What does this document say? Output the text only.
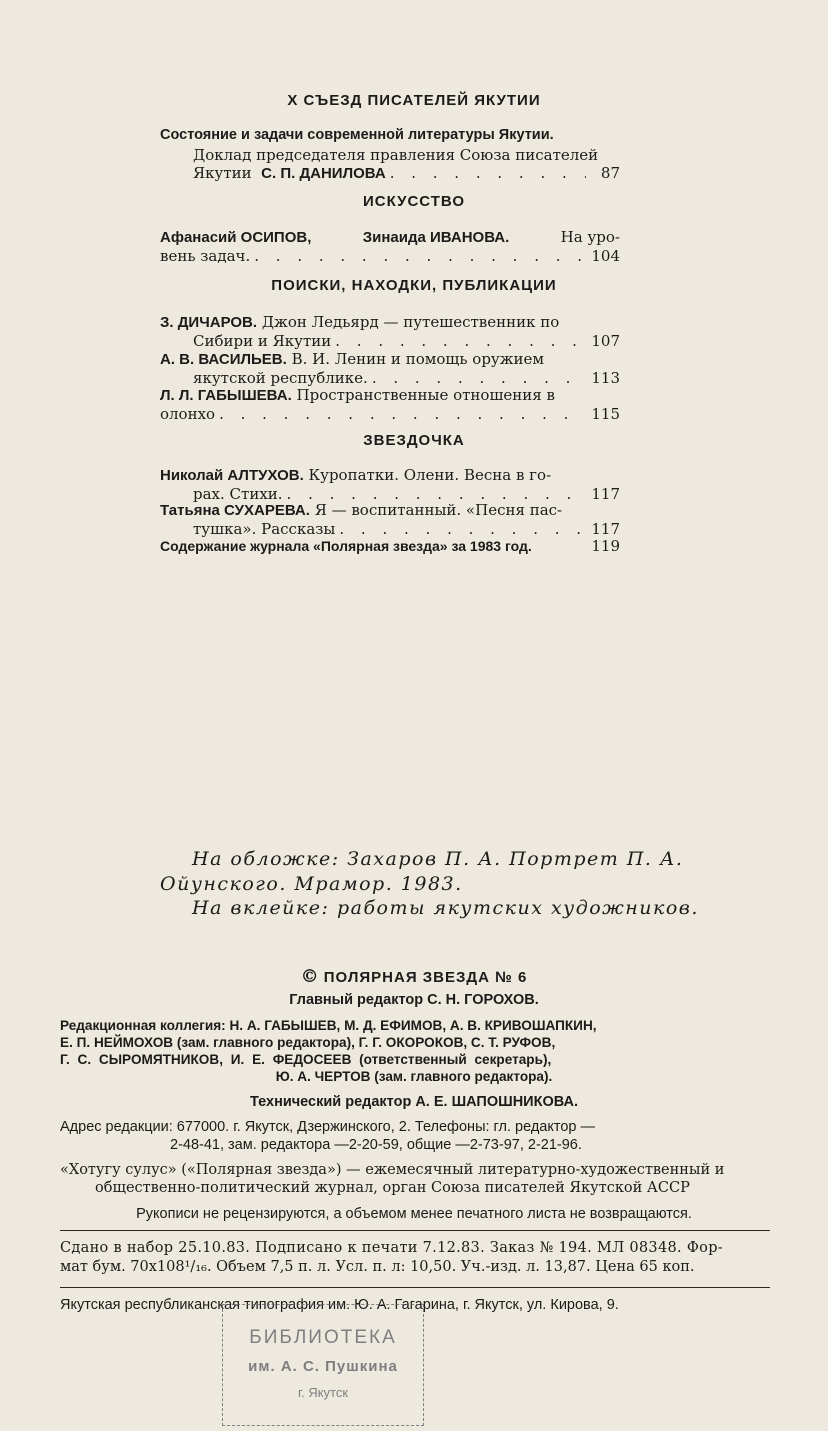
X СЪЕЗД ПИСАТЕЛЕЙ ЯКУТИИ
Состояние и задачи современной литературы Якутии.
Доклад председателя правления Союза писателей
Якутии
С. П. ДАНИЛОВА . . .	87
ИСКУССТВО
Афанасий ОСИПОВ,	Зинаида ИВАНОВА.	На уро-
вень задач. . . .	104
ПОИСКИ, НАХОДКИ, ПУБЛИКАЦИИ
З. ДИЧАРОВ.
Джон Ледьярд — путешественник по
Сибири и Якутии . . .	107
А. В. ВАСИЛЬЕВ.
В. И. Ленин и помощь оружием
якутской республике. . . .	113
Л. Л. ГАБЫШЕВА.
Пространственные отношения в
олонхо . . .	115
ЗВЕЗДОЧКА
Николай АЛТУХОВ.
Куропатки. Олени. Весна в го-
рах. Стихи. . . .	117
Татьяна СУХАРЕВА.
Я — воспитанный. «Песня пас-
тушка». Рассказы . . .	117
Содержание журнала «Полярная звезда» за 1983 год.	119
На обложке: Захаров П. А. Портрет П. А.
Ойунского. Мрамор. 1983.
На вклейке: работы якутских художников.
© ПОЛЯРНАЯ ЗВЕЗДА № 6
Главный редактор С. Н. ГОРОХОВ.
Редакционная коллегия: Н. А. ГАБЫШЕВ, М. Д. ЕФИМОВ, А. В. КРИВОШАПКИН,
Е. П. НЕЙМОХОВ (зам. главного редактора), Г. Г. ОКОРОКОВ, С. Т. РУФОВ,
Г. С. СЫРОМЯТНИКОВ, И. Е. ФЕДОСЕЕВ (ответственный секретарь),
Ю. А. ЧЕРТОВ (зам. главного редактора).
Технический редактор А. Е. ШАПОШНИКОВА.
Адрес редакции: 677000. г. Якутск, Дзержинского, 2. Телефоны: гл. редактор —
2-48-41, зам. редактора —2-20-59, общие —2-73-97, 2-21-96.
«Хотугу сулус» («Полярная звезда») — ежемесячный литературно-художественный и
общественно-политический журнал, орган Союза писателей Якутской АССР
Рукописи не рецензируются, а объемом менее печатного листа не возвращаются.
Сдано в набор 25.10.83. Подписано к печати 7.12.83. Заказ № 194. МЛ 08348. Фор-
мат бум. 70х108¹/₁₆. Объем 7,5 п. л. Усл. п. л: 10,50. Уч.-изд. л. 13,87. Цена 65 коп.
Якутская республиканская типография им. Ю. А. Гагарина, г. Якутск, ул. Кирова, 9.
БИБЛИОТЕКА
им. А. С. Пушкина
г. Якутск
